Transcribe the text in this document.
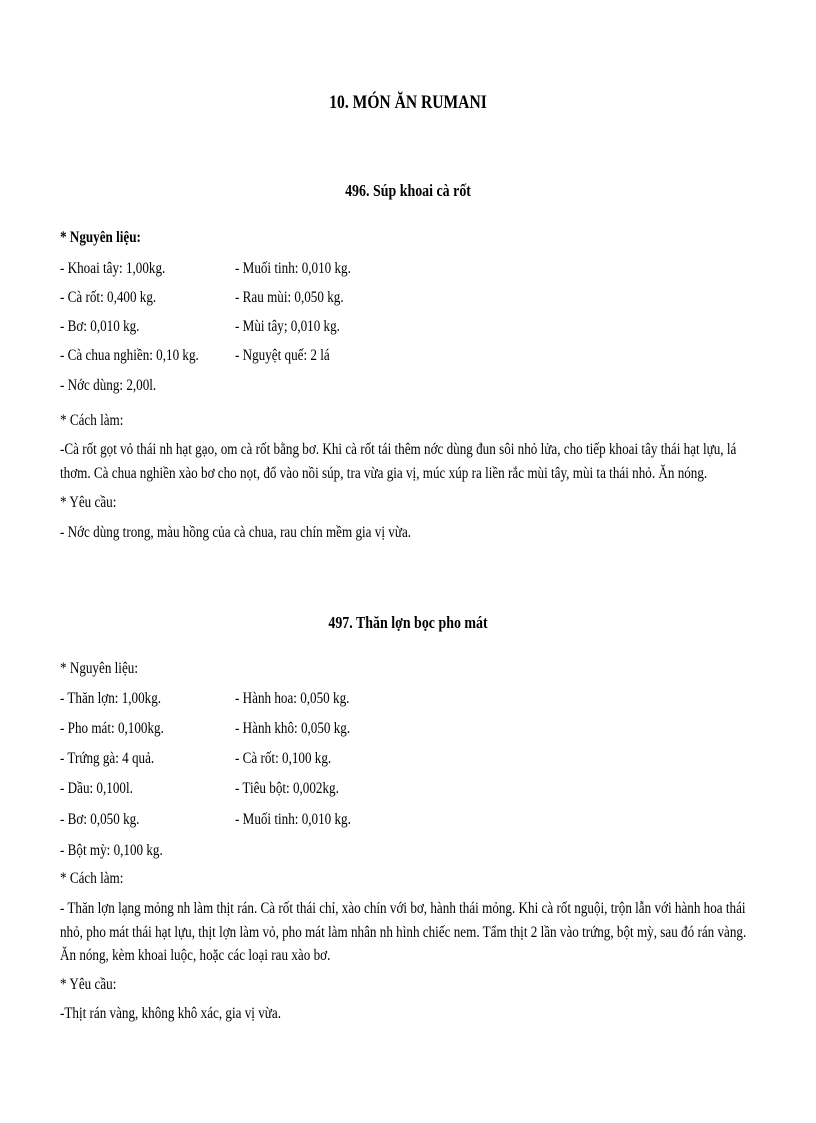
10. MÓN ĂN RUMANI
496. Súp khoai cà rốt
* Nguyên liệu:
- Khoai tây: 1,00kg.	- Muối tinh: 0,010 kg.
- Cà rốt: 0,400 kg.	- Rau mùi: 0,050 kg.
- Bơ: 0,010 kg.	- Mùi tây; 0,010 kg.
- Cà chua nghiền: 0,10 kg. - Nguyệt quế: 2 lá
- Nớc dùng: 2,00l.
* Cách làm:
-Cà rốt gọt vỏ thái nh hạt gạo, om cà rốt bằng bơ. Khi cà rốt tái thêm nớc dùng đun sôi nhỏ lửa, cho tiếp khoai tây thái hạt lựu, lá
thơm. Cà chua nghiền xào bơ cho nọt, đổ vào nồi súp, tra vừa gia vị, múc xúp ra liền rắc mùi tây, mùi ta thái nhỏ. Ăn nóng.
* Yêu cầu:
- Nớc dùng trong, màu hồng của cà chua, rau chín mềm gia vị vừa.
497. Thăn lợn bọc pho mát
* Nguyên liệu:
- Thăn lợn: 1,00kg.	- Hành hoa: 0,050 kg.
- Pho mát: 0,100kg.	- Hành khô: 0,050 kg.
- Trứng gà: 4 quả.	- Cà rốt: 0,100 kg.
- Dầu: 0,100l.	- Tiêu bột: 0,002kg.
- Bơ: 0,050 kg.	- Muối tinh: 0,010 kg.
- Bột mỳ: 0,100 kg.
* Cách làm:
- Thăn lợn lạng mỏng nh làm thịt rán. Cà rốt thái chỉ, xào chín với bơ, hành thái mỏng. Khi cà rốt nguội, trộn lẫn với hành hoa thái
nhỏ, pho mát thái hạt lựu, thịt lợn làm vỏ, pho mát làm nhân nh hình chiếc nem. Tẩm thịt 2 lần vào trứng, bột mỳ, sau đó rán vàng.
Ăn nóng, kèm khoai luộc, hoặc các loại rau xào bơ.
* Yêu cầu:
-Thịt rán vàng, không khô xác, gia vị vừa.
